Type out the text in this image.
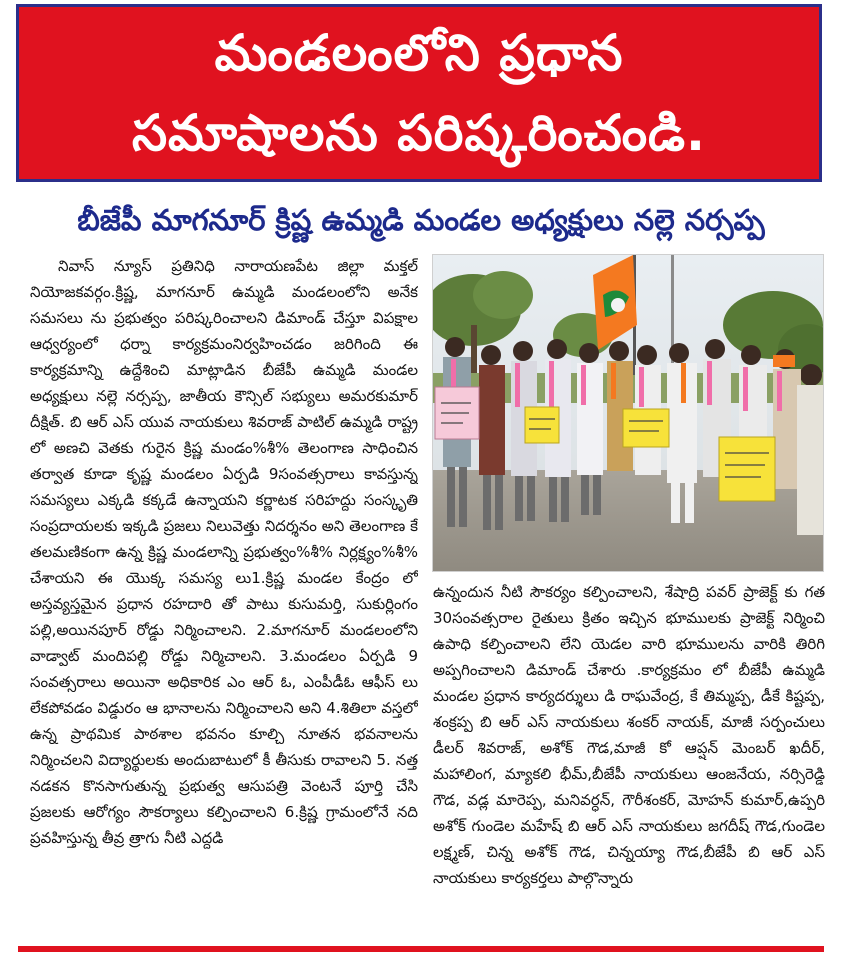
మండలంలోని ప్రధాన
సమాషాలను పరిష్కరించండి.
బీజేపీ మాగనూర్ క్రిష్ణ ఉమ్మడి మండల అధ్యక్షులు నల్లె నర్సప్ప

నివాస్ న్యూస్ ప్రతినిధి నారాయణపేట జిల్లా మక్తల్ నియోజకవర్గం.క్రిష్ణ, మాగనూర్ ఉమ్మడి మండలంలోని అనేక సమసలు ను ప్రభుత్వం పరిష్కరించాలని డిమాండ్ చేస్తూ విపక్షాల ఆధ్వర్యంలో ధర్నా కార్యక్రమంనిర్వహించడం జరిగింది ఈ కార్యక్రమాన్ని ఉద్దేశించి మాట్లాడిన బీజేపీ ఉమ్మడి మండల అధ్యక్షులు నల్లె నర్సప్ప, జాతీయ కౌన్సిల్ సభ్యులు అమరకుమార్ దీక్షిత్. బి ఆర్ ఎస్ యువ నాయకులు శివరాజ్ పాటిల్ ఉమ్మడి రాష్ట్ర లో అణచి వెతకు గురైన క్రిష్ణ మండం%శీ% తెలంగాణ సాధించిన తర్వాత కూడా కృష్ణ మండలం ఏర్పడి 9సంవత్సరాలు కావస్తున్న సమస్యలు ఎక్కడి కక్కడే ఉన్నాయని కర్ణాటక సరిహద్దు సంస్కృతి సంప్రదాయలకు ఇక్కడి ప్రజలు నిలువెత్తు నిదర్శనం అని తెలంగాణ కే తలమణికంగా ఉన్న క్రిష్ణ మండలాన్ని ప్రభుత్వం%శీ% నిర్లక్ష్యం%శీ% చేశాయని ఈ యొక్క సమస్య లు1.క్రిష్ణ మండల కేంద్రం లో అస్తవ్యస్తమైన ప్రధాన రహదారి తో పాటు కుసుమర్తి, సుకుర్లింగం పల్లి,అయినపూర్ రోడ్డు నిర్మించాలని. 2.మాగనూర్ మండలంలోని వాడ్వాట్ మందిపల్లి రోడ్డు నిర్మిచాలని. 3.మండలం ఏర్పడి 9 సంవత్సరాలు అయినా అధికారిక ఎం ఆర్ ఓ, ఎంపీడీఓ ఆఫీస్ లు లేకపోవడం విడ్డురం ఆ భానాలను నిర్మించాలని అని 4.శితిలా వస్తలో ఉన్న ప్రాథమిక పాఠశాల భవనం కూల్చి నూతన భవనాలను నిర్మించలని విద్యార్థులకు అందుబాటులో కీ తీసుకు రావాలని 5. నత్త నడకన కొనసాగుతున్న ప్రభుత్వ ఆసుపత్రి వెంటనే పూర్తి చేసి ప్రజలకు ఆరోగ్యం సౌకర్యాలు కల్పించాలని 6.క్రిష్ణ గ్రామంలోనే నది ప్రవహిస్తున్న తీవ్ర త్రాగు నీటి ఎద్దడి

ఉన్నందున నీటి సౌకర్యం కల్పించాలని, శేషాద్రి పవర్ ప్రాజెక్ట్ కు గత 30సంవత్సరాల రైతులు క్రితం ఇచ్చిన భూములకు ప్రాజెక్ట్ నిర్మించి ఉపాధి కల్పించాలని లేని యెడల వారి భూములను వారికి తిరిగి అప్పగించాలని డిమాండ్ చేశారు .కార్యక్రమం లో బీజేపీ ఉమ్మడి మండల ప్రధాన కార్యదర్శులు డి రాఘవేంద్ర, కే తిమ్మప్ప, డీకే కిష్టప్ప, శంక్రప్ప బి ఆర్ ఎస్ నాయకులు శంకర్ నాయక్, మాజీ సర్పంచులు డీలర్ శివరాజ్, అశోక్ గౌడ,మాజీ కో ఆప్షన్ మెంబర్ ఖదీర్, మహాలింగ, మ్యాకలి భీమ్,బీజేపీ నాయకులు ఆంజనేయ, నర్సిరెడ్డి గౌడ, వడ్ల మారెప్ప, మనివర్ధన్, గౌరీశంకర్, మోహన్ కుమార్,ఉప్పరి అశోక్ గుండెల మహేష్ బి ఆర్ ఎస్ నాయకులు జగదీష్ గౌడ,గుండెల లక్ష్మణ్, చిన్న అశోక్ గౌడ, చిన్నయ్యా గౌడ,బీజేపీ బి ఆర్ ఎస్ నాయకులు కార్యకర్తలు పాల్గొన్నారు
